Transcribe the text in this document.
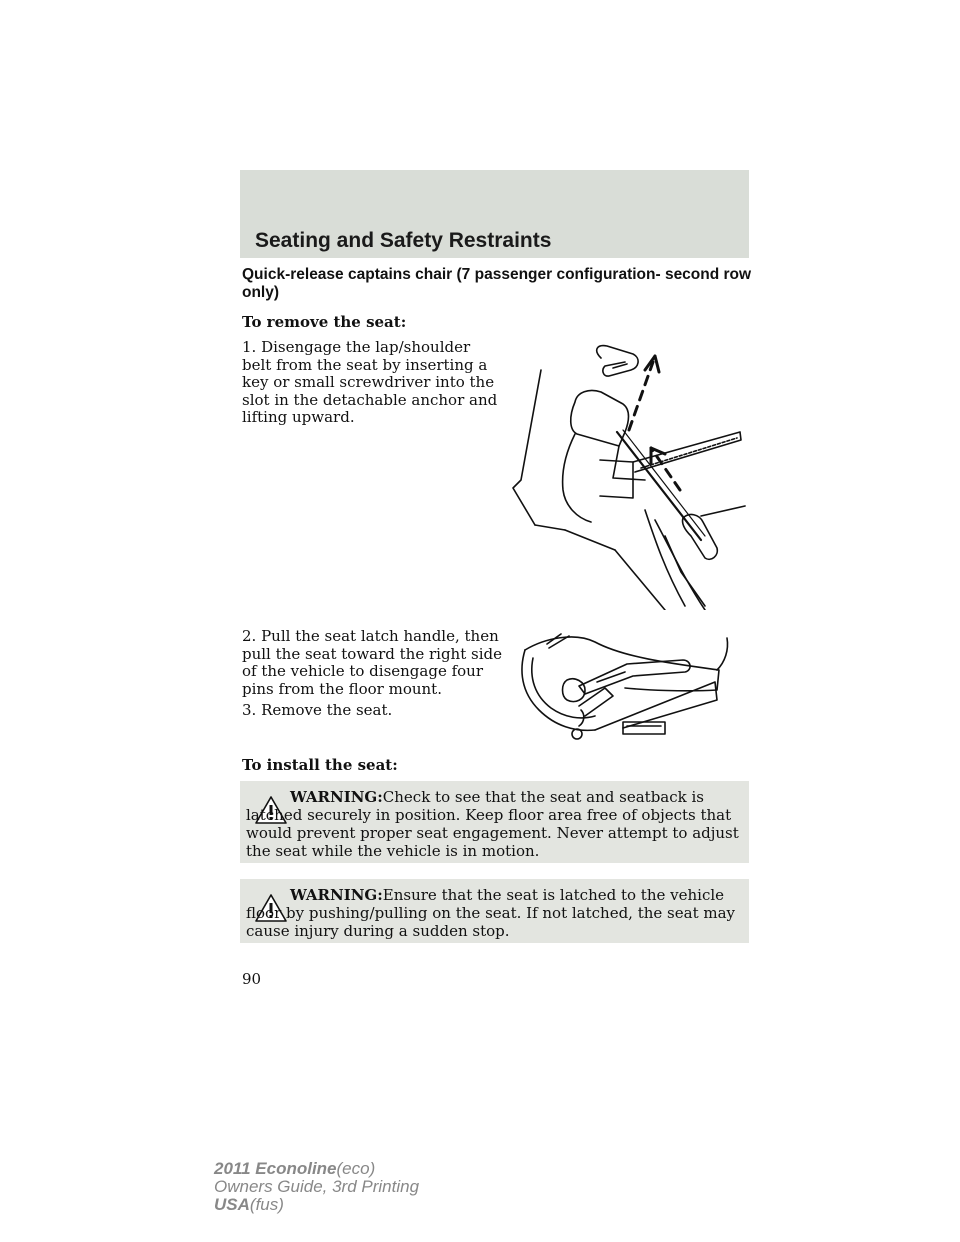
Seating and Safety Restraints
Quick-release captains chair (7 passenger configuration- second row only)
To remove the seat:
1. Disengage the lap/shoulder belt from the seat by inserting a key or small screwdriver into the slot in the detachable anchor and lifting upward.
2. Pull the seat latch handle, then pull the seat toward the right side of the vehicle to disengage four pins from the floor mount.
3. Remove the seat.
To install the seat:
WARNING:Check to see that the seat and seatback is latched securely in position. Keep floor area free of objects that would prevent proper seat engagement. Never attempt to adjust the seat while the vehicle is in motion.
WARNING:Ensure that the seat is latched to the vehicle floor by pushing/pulling on the seat. If not latched, the seat may cause injury during a sudden stop.
90
2011 Econoline(eco)
Owners Guide, 3rd Printing
USA(fus)
